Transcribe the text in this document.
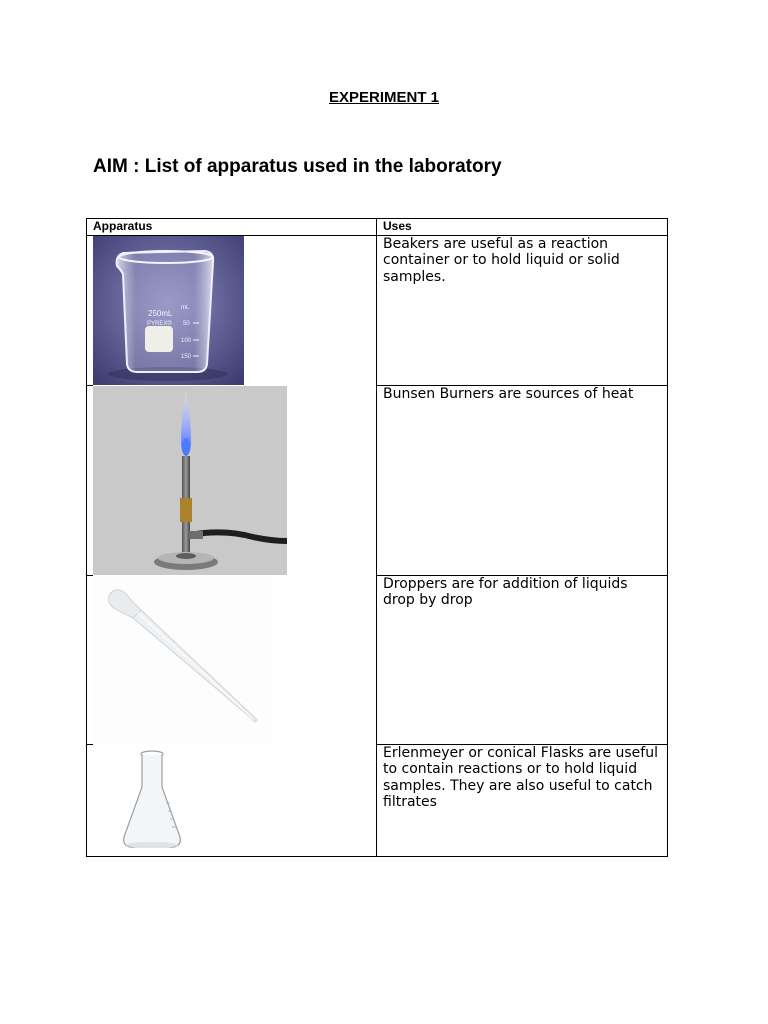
EXPERIMENT 1
AIM : List of apparatus used in the laboratory
Apparatus	Uses
250mL
PYREX®
mL
50
100
150
Beakers are useful as a reaction container or to hold liquid or solid samples.
Bunsen Burners are sources of heat
Droppers are for addition of liquids drop by drop
Erlenmeyer or conical Flasks are useful to contain reactions or to hold liquid samples. They are also useful to catch filtrates
